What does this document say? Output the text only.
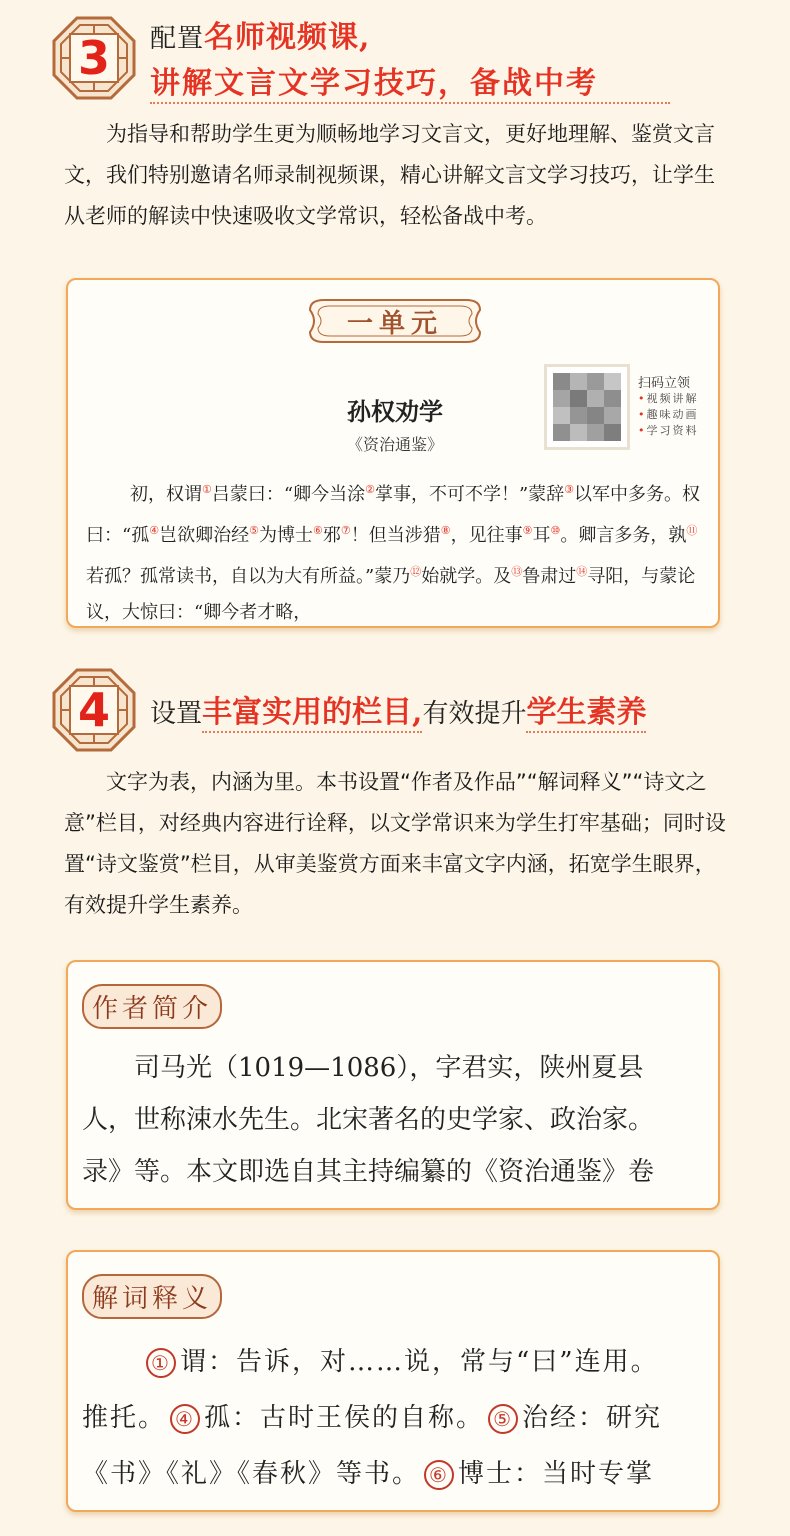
3	配置名师视频课,
讲解文言文学习技巧，备战中考
为指导和帮助学生更为顺畅地学习文言文，更好地理解、鉴赏文言文，我们特别邀请名师录制视频课，精心讲解文言文学习技巧，让学生从老师的解读中快速吸收文学常识，轻松备战中考。
一单元
孙权劝学
《资治通鉴》
扫码立领
•视频讲解
•趣味动画
•学习资料
初，权谓①吕蒙曰：“卿今当涂②掌事，不可不学！”蒙辞③以军中多务。权曰：“孤④岂欲卿治经⑤为博士⑥邪⑦！但当涉猎⑧，见往事⑨耳⑩。卿言多务，孰⑪若孤？孤常读书，自以为大有所益。”蒙乃⑫始就学。及⑬鲁肃过⑭寻阳，与蒙论议，大惊曰：“卿今者才略，
4	设置 丰富实用的栏目, 有效提升 学生素养
文字为表，内涵为里。本书设置“作者及作品”“解词释义”“诗文之意”栏目，对经典内容进行诠释，以文学常识来为学生打牢基础；同时设置“诗文鉴赏”栏目，从审美鉴赏方面来丰富文字内涵，拓宽学生眼界，有效提升学生素养。
作者简介
司马光（1019—1086），字君实，陕州夏县
人，世称涑水先生。北宋著名的史学家、政治家。
录》等。本文即选自其主持编纂的《资治通鉴》卷
解词释义
① 谓：告诉，对……说，常与“曰”连用。
推托。 ④ 孤：古时王侯的自称。 ⑤ 治经：研究
《书》《礼》《春秋》等书。 ⑥ 博士：当时专掌
